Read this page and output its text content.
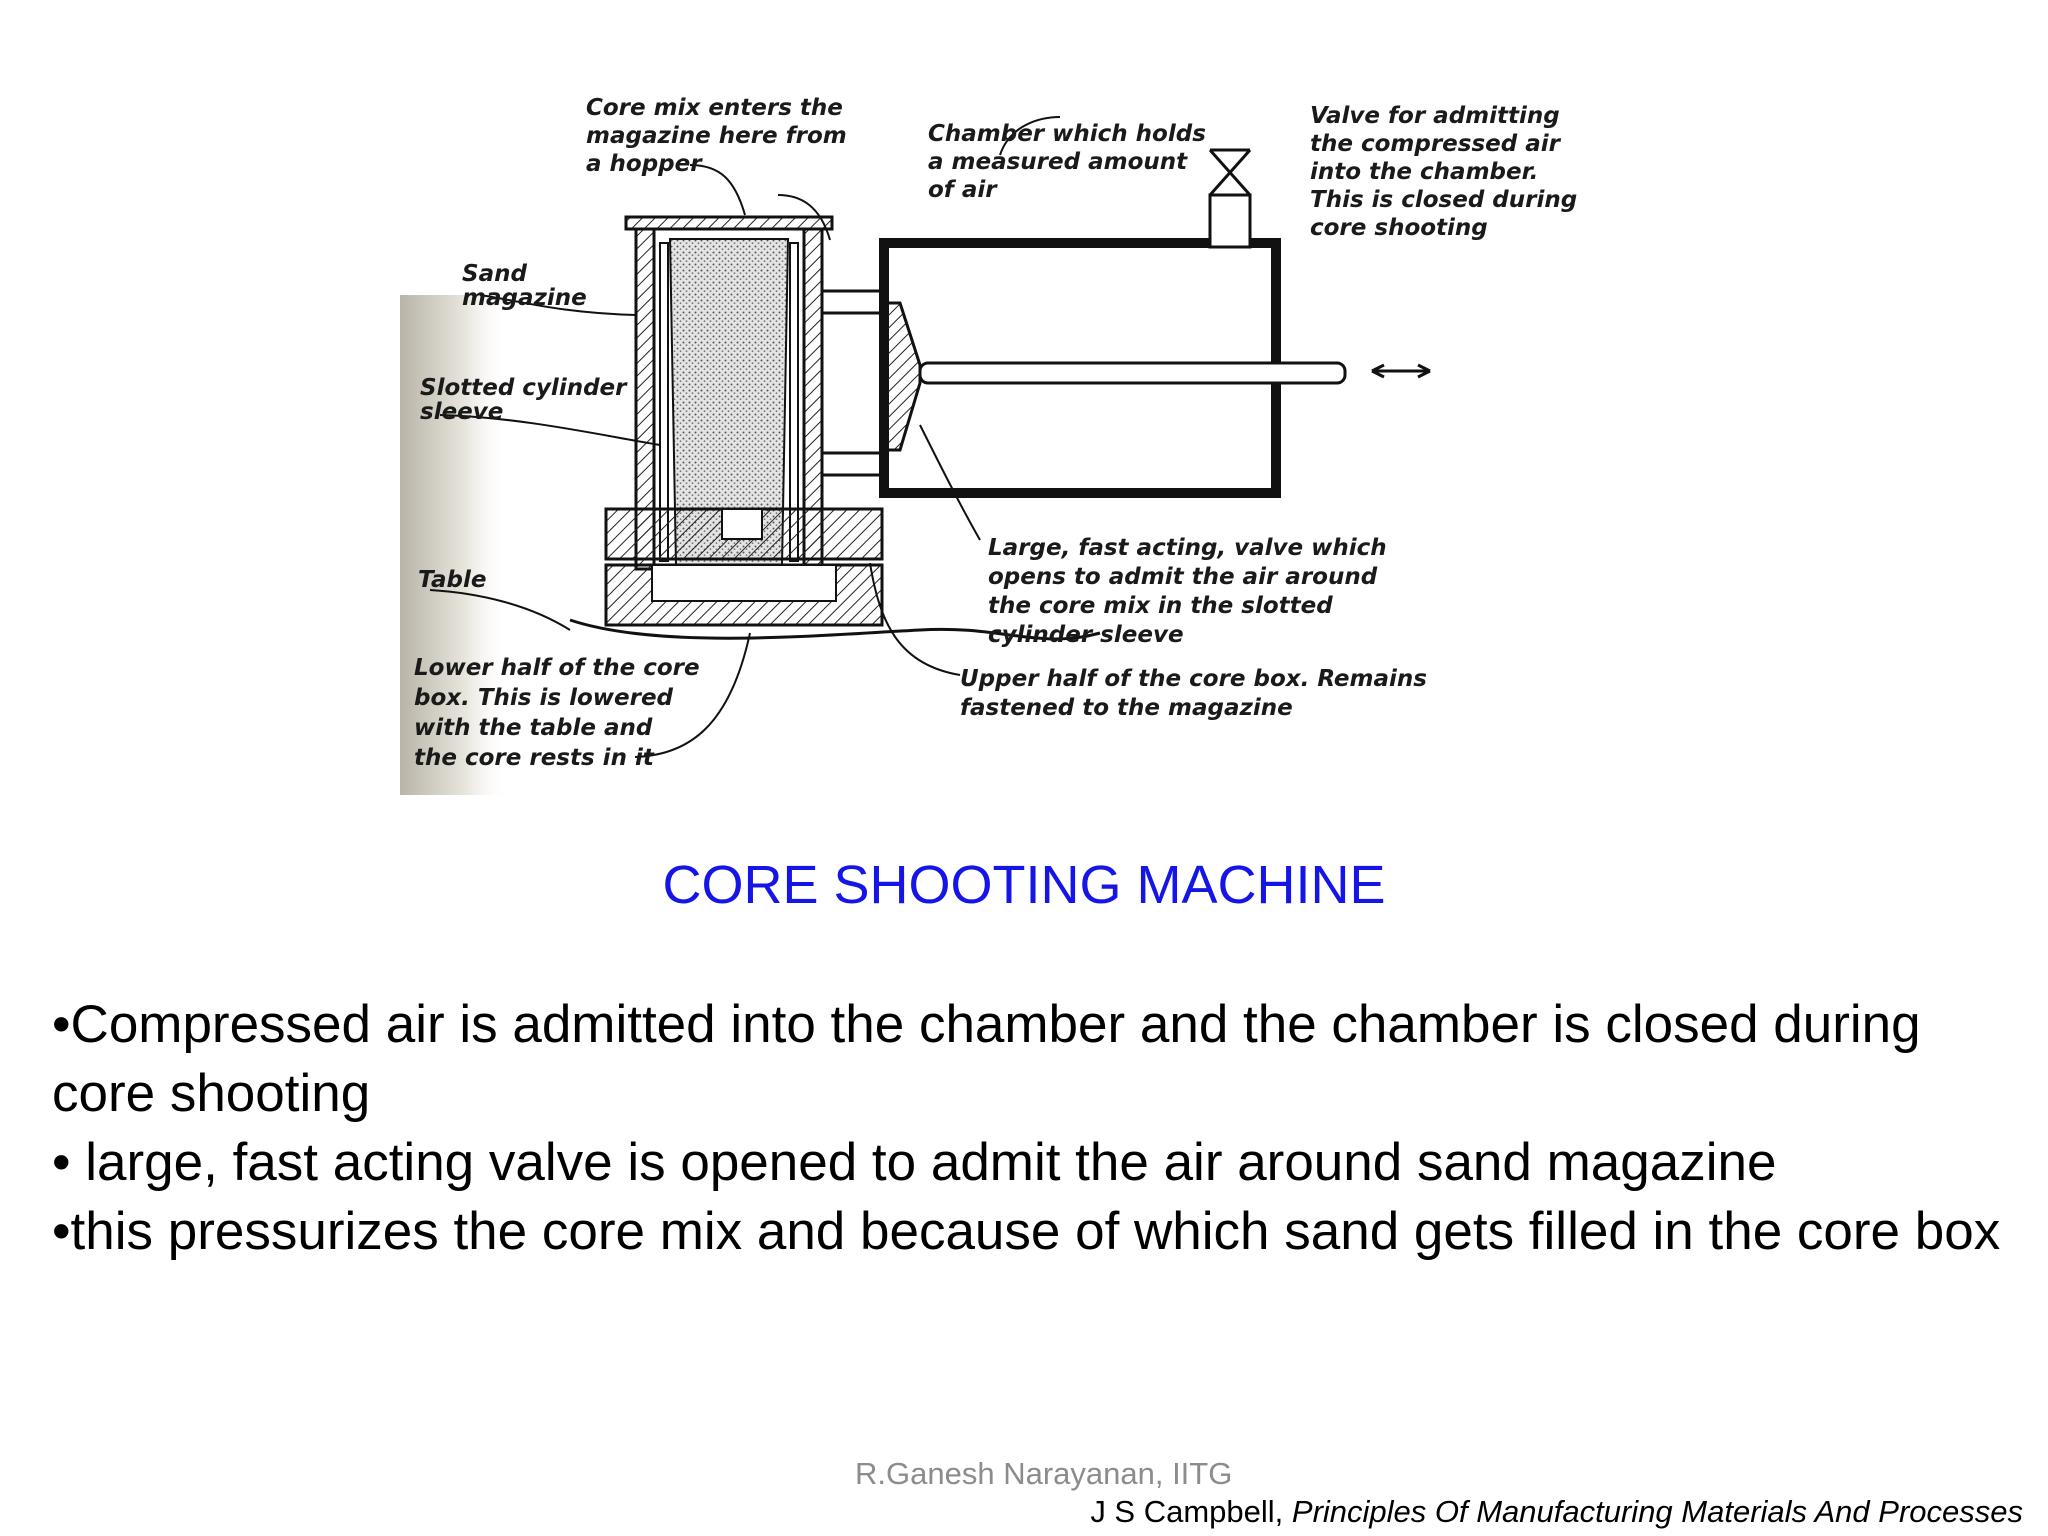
Core mix enters the magazine here from a hopper
Chamber which holds a measured amount of air
Valve for admitting the compressed air into the chamber. This is closed during core shooting
Sand magazine
Slotted cylinder sleeve
Table
Large, fast acting, valve which opens to admit the air around the core mix in the slotted cylinder sleeve
Upper half of the core box. Remains fastened to the magazine
Lower half of the core box. This is lowered with the table and the core rests in it
CORE SHOOTING MACHINE
•Compressed air is admitted into the chamber and the chamber is closed during core shooting
• large, fast acting valve is opened to admit the air around sand magazine
•this pressurizes the core mix and because of which sand gets filled in the core box
R.Ganesh Narayanan, IITG
J S Campbell, Principles Of Manufacturing Materials And Processes
